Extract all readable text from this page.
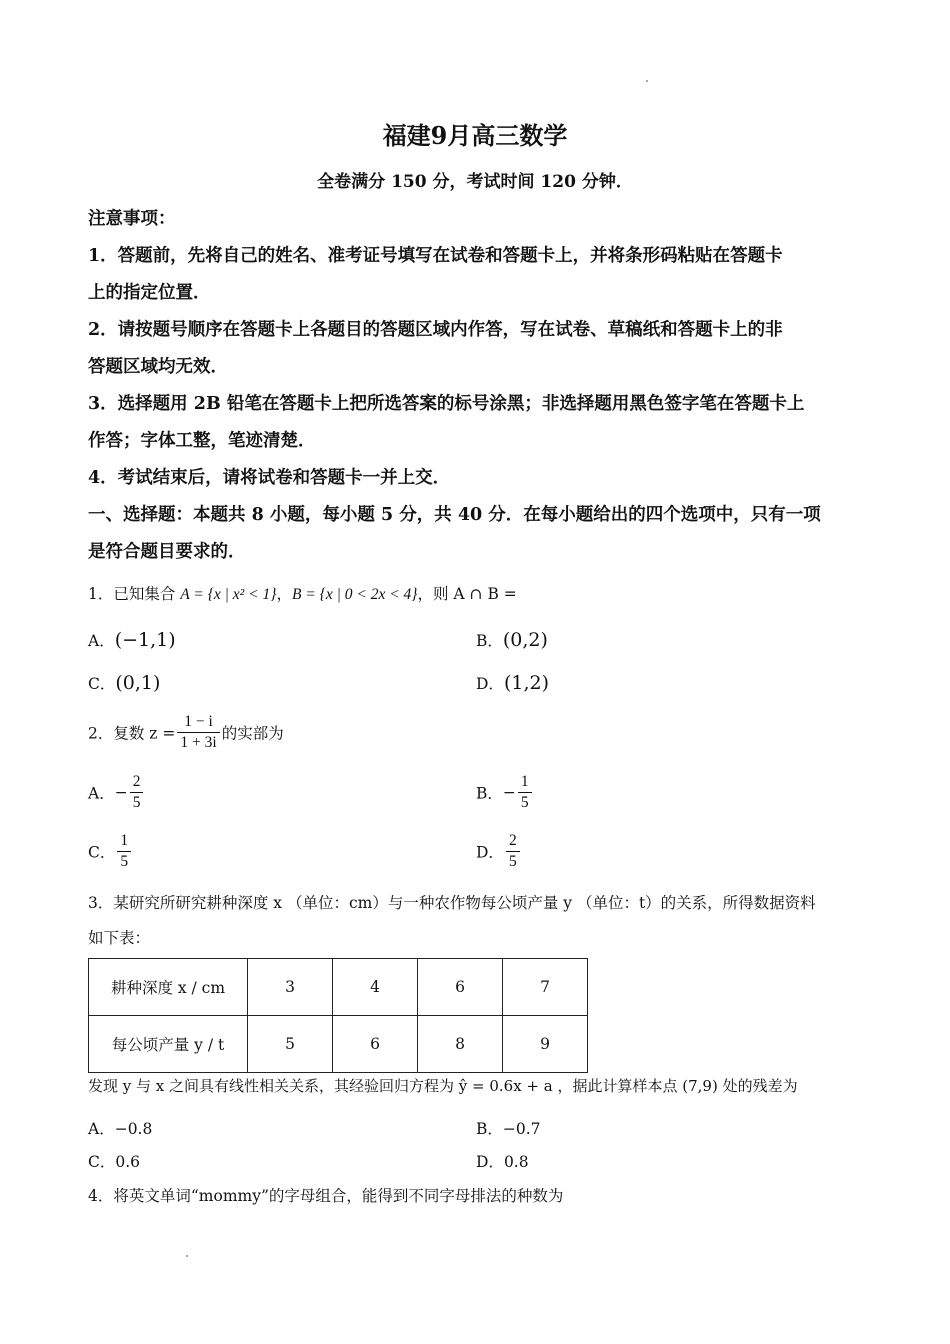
福建9月高三数学
全卷满分 150 分，考试时间 120 分钟．
注意事项：
1．答题前，先将自己的姓名、准考证号填写在试卷和答题卡上，并将条形码粘贴在答题卡
上的指定位置．
2．请按题号顺序在答题卡上各题目的答题区域内作答，写在试卷、草稿纸和答题卡上的非
答题区域均无效．
3．选择题用 2B 铅笔在答题卡上把所选答案的标号涂黑；非选择题用黑色签字笔在答题卡上
作答；字体工整，笔迹清楚．
4．考试结束后，请将试卷和答题卡一并上交．
一、选择题：本题共 8 小题，每小题 5 分，共 40 分．在每小题给出的四个选项中，只有一项
是符合题目要求的．
1．已知集合 A = {x | x² < 1}，B = {x | 0 < 2x < 4}，则 A ∩ B =
A．(−1,1)	B．(0,2)
C．(0,1)	D．(1,2)
2．复数 $z = \frac{1 - i}{1 + 3i}$ 的实部为
A．− $\frac{2}{5}$	B．− $\frac{1}{5}$
C． $\frac{1}{5}$	D． $\frac{2}{5}$
3．某研究所研究耕种深度 x （单位：cm）与一种农作物每公顷产量 y （单位：t）的关系，所得数据资料
如下表：
耕种深度 x / cm	3	4	6	7
每公顷产量 y / t	5	6	8	9
发现 y 与 x 之间具有线性相关关系，其经验回归方程为 ŷ = 0.6x + a ，据此计算样本点 (7,9) 处的残差为
A．−0.8	B．−0.7
C．0.6	D．0.8
4．将英文单词“mommy”的字母组合，能得到不同字母排法的种数为
